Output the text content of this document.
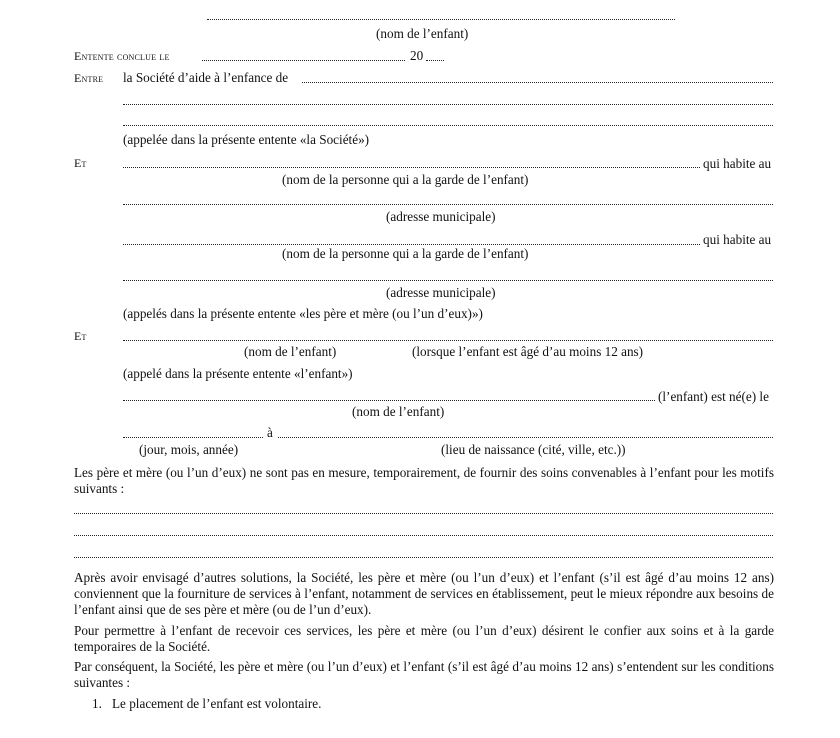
(nom de l’enfant)
Entente conclue le	20
Entre la Société d’aide à l’enfance de
(appelée dans la présente entente «la Société»)
Et	qui habite au
(nom de la personne qui a la garde de l’enfant)
(adresse municipale)
qui habite au
(nom de la personne qui a la garde de l’enfant)
(adresse municipale)
(appelés dans la présente entente «les père et mère (ou l’un d’eux)»)
Et
(nom de l’enfant)	(lorsque l’enfant est âgé d’au moins 12 ans)
(appelé dans la présente entente «l’enfant»)
(l’enfant) est né(e) le
(nom de l’enfant)
à
(jour, mois, année)	(lieu de naissance (cité, ville, etc.))
Les père et mère (ou l’un d’eux) ne sont pas en mesure, temporairement, de fournir des soins convenables à l’enfant pour les motifs suivants :
Après avoir envisagé d’autres solutions, la Société, les père et mère (ou l’un d’eux) et l’enfant (s’il est âgé d’au moins 12 ans) conviennent que la fourniture de services à l’enfant, notamment de services en établissement, peut le mieux répondre aux besoins de l’enfant ainsi que de ses père et mère (ou de l’un d’eux).
Pour permettre à l’enfant de recevoir ces services, les père et mère (ou l’un d’eux) désirent le confier aux soins et à la garde temporaires de la Société.
Par conséquent, la Société, les père et mère (ou l’un d’eux) et l’enfant (s’il est âgé d’au moins 12 ans) s’entendent sur les conditions suivantes :
1. Le placement de l’enfant est volontaire.
